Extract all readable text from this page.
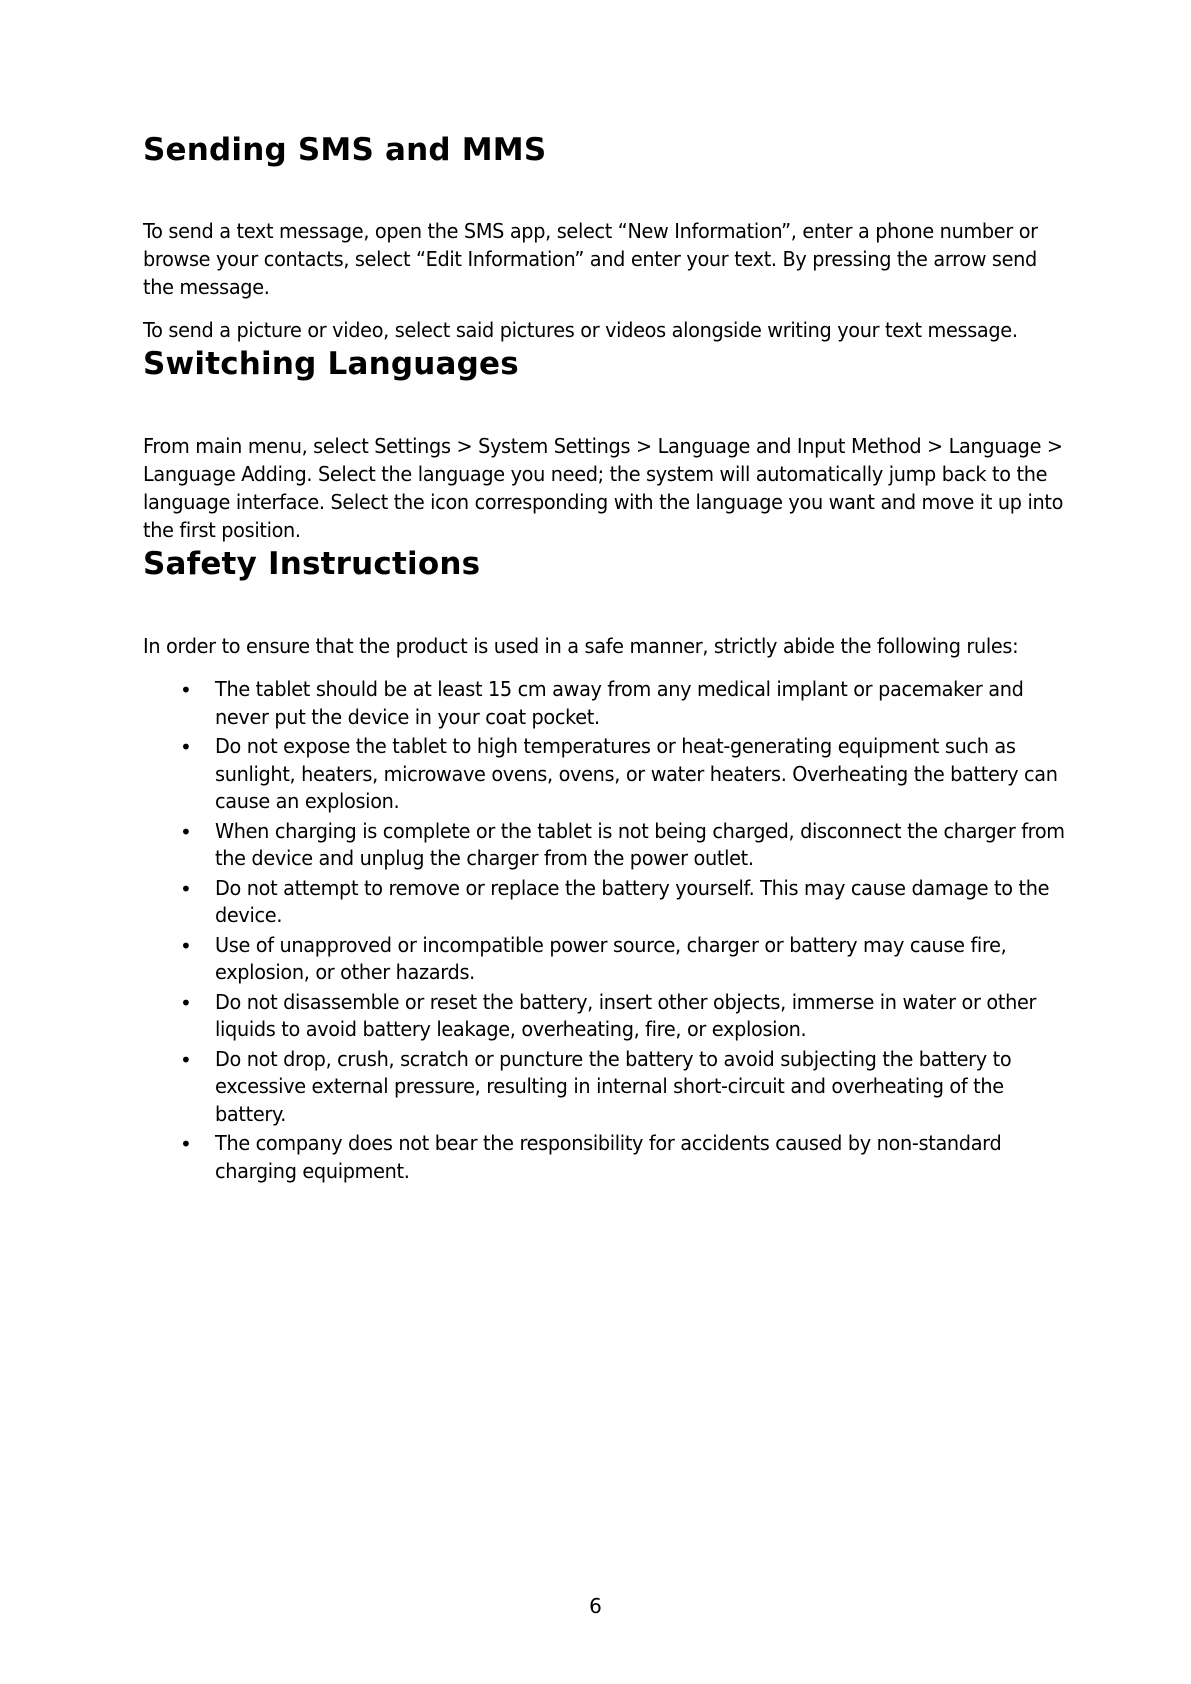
Sending SMS and MMS

To send a text message, open the SMS app, select “New Information”, enter a phone number or browse your contacts, select “Edit Information” and enter your text. By pressing the arrow send the message.

To send a picture or video, select said pictures or videos alongside writing your text message.

Switching Languages

From main menu, select Settings > System Settings > Language and Input Method > Language > Language Adding. Select the language you need; the system will automatically jump back to the language interface. Select the icon corresponding with the language you want and move it up into the first position.

Safety Instructions

In order to ensure that the product is used in a safe manner, strictly abide the following rules:

• The tablet should be at least 15 cm away from any medical implant or pacemaker and never put the device in your coat pocket.
• Do not expose the tablet to high temperatures or heat-generating equipment such as sunlight, heaters, microwave ovens, ovens, or water heaters. Overheating the battery can cause an explosion.
• When charging is complete or the tablet is not being charged, disconnect the charger from the device and unplug the charger from the power outlet.
• Do not attempt to remove or replace the battery yourself. This may cause damage to the device.
• Use of unapproved or incompatible power source, charger or battery may cause fire, explosion, or other hazards.
• Do not disassemble or reset the battery, insert other objects, immerse in water or other liquids to avoid battery leakage, overheating, fire, or explosion.
• Do not drop, crush, scratch or puncture the battery to avoid subjecting the battery to excessive external pressure, resulting in internal short-circuit and overheating of the battery.
• The company does not bear the responsibility for accidents caused by non-standard charging equipment.
6
